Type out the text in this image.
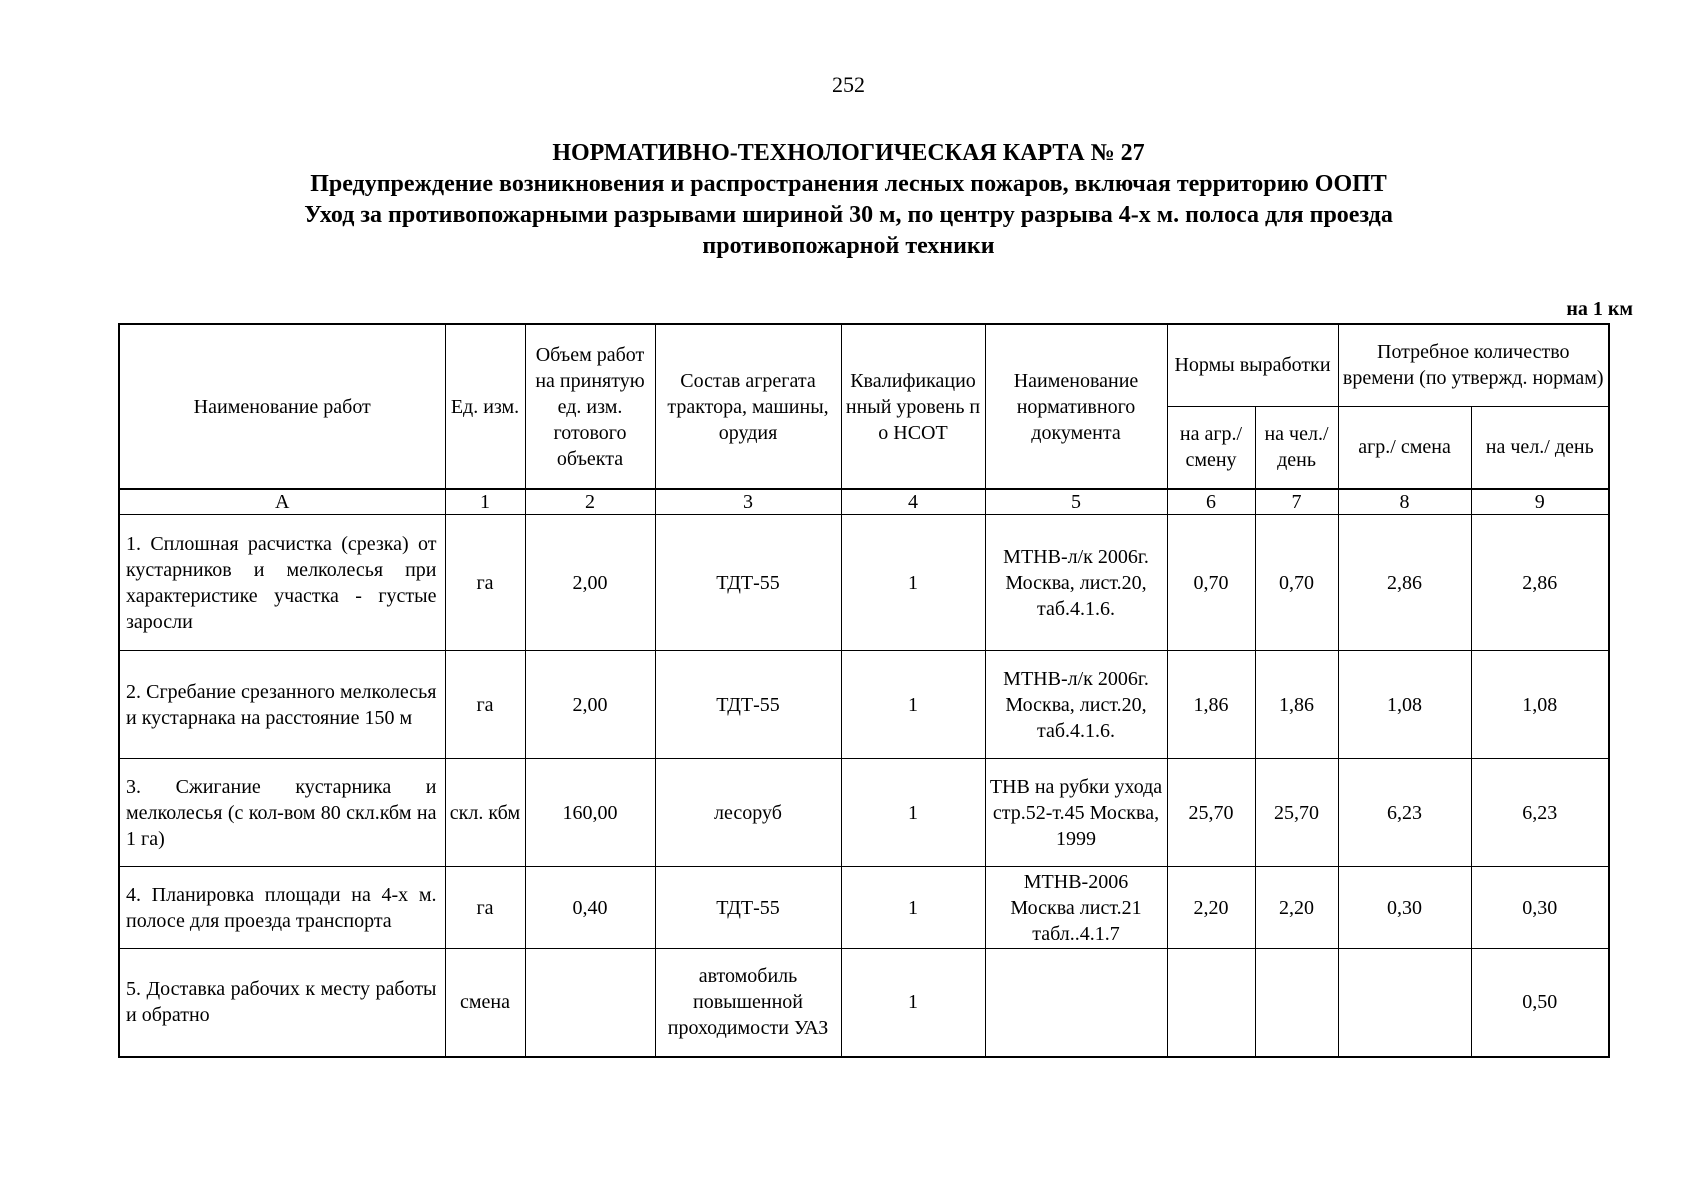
252
НОРМАТИВНО-ТЕХНОЛОГИЧЕСКАЯ КАРТА № 27
Предупреждение возникновения и распространения лесных пожаров, включая территорию ООПТ
Уход за противопожарными разрывами шириной 30 м, по центру разрыва 4-х м. полоса для проезда
противопожарной техники
на 1 км
Наименование работ	Ед. изм.	Объем работ на принятую ед. изм. готового объекта	Состав агрегата трактора, машины, орудия	Квалификационный уровень по НСОТ	Наименование нормативного документа	Нормы выработки		Потребное количество времени (по утвержд. нормам)	
						на агр./ смену	на чел./ день	агр./ смена	на чел./ день
А	1	2	3	4	5	6	7	8	9
1. Сплошная расчистка (срезка) от кустарников и мелколесья при характеристике участка - густые заросли	га	2,00	ТДТ-55	1	МТНВ-л/к 2006г. Москва, лист.20, таб.4.1.6.	0,70	0,70	2,86	2,86
2. Сгребание срезанного мелколесья и кустарнака на расстояние 150 м	га	2,00	ТДТ-55	1	МТНВ-л/к 2006г. Москва, лист.20, таб.4.1.6.	1,86	1,86	1,08	1,08
3. Сжигание кустарника и мелколесья (с кол-вом 80 скл.кбм на 1 га)	скл. кбм	160,00	лесоруб	1	ТНВ на рубки ухода стр.52-т.45 Москва, 1999	25,70	25,70	6,23	6,23
4. Планировка площади на 4-х м. полосе для проезда транспорта	га	0,40	ТДТ-55	1	МТНВ-2006 Москва лист.21 табл..4.1.7	2,20	2,20	0,30	0,30
5. Доставка рабочих к месту работы и обратно	смена		автомобиль повышенной проходимости УАЗ	1					0,50
